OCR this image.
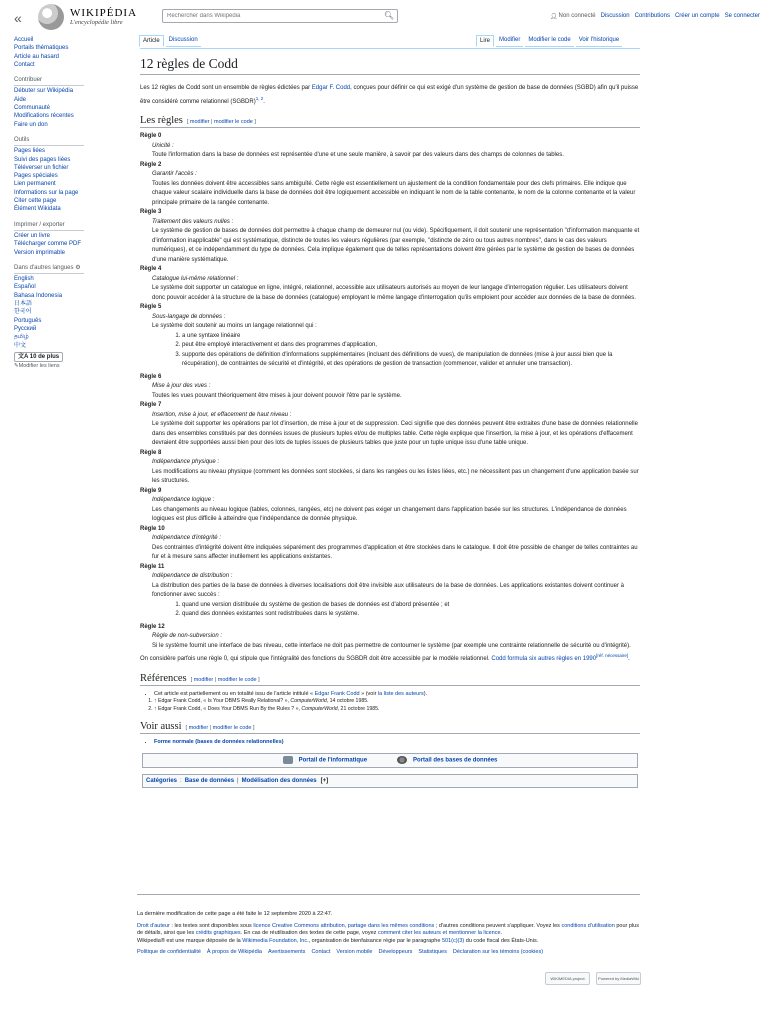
«	WIKIPÉDIA
L'encyclopédie libre
Rechercher dans Wikipédia
🔍︎	👤︎ Non connecté Discussion Contributions Créer un compte Se connecter
Accueil
Portails thématiques
Article au hasard
Contact
Contribuer
Débuter sur Wikipédia
Aide
Communauté
Modifications récentes
Faire un don
Outils
Pages liées
Suivi des pages liées
Téléverser un fichier
Pages spéciales
Lien permanent
Informations sur la page
Citer cette page
Élément Wikidata
Imprimer / exporter
Créer un livre
Télécharger comme PDF
Version imprimable
Dans d'autres langues ⚙
English
Español
Bahasa Indonesia
日本語
한국어
Português
Русский
தமிழ்
中文
文A 10 de plus
✎Modifier les liens
Article	Discussion	Lire	Modifier	Modifier le code	Voir l'historique
12 règles de Codd

Les 12 règles de Codd sont un ensemble de règles édictées par Edgar F. Codd, conçues pour définir ce qui est exigé d'un système de gestion de base de données (SGBD) afin qu'il puisse être considéré comme relationnel (SGBDR)$^{1, 2}$.

Les règles [ modifier | modifier le code ]
Règle 0
Unicité :
Toute l'information dans la base de données est représentée d'une et une seule manière, à savoir par des valeurs dans des champs de colonnes de tables.
Règle 2
Garantir l'accès :
Toutes les données doivent être accessibles sans ambiguïté. Cette règle est essentiellement un ajustement de la condition fondamentale pour des clefs primaires. Elle indique que chaque valeur scalaire individuelle dans la base de données doit être logiquement accessible en indiquant le nom de la table contenante, le nom de la colonne contenante et la valeur principale primaire de la rangée contenante.
Règle 3
Traitement des valeurs nulles :
Le système de gestion de bases de données doit permettre à chaque champ de demeurer nul (ou vide). Spécifiquement, il doit soutenir une représentation "d'information manquante et d'information inapplicable" qui est systématique, distincte de toutes les valeurs régulières (par exemple, "distincte de zéro ou tous autres nombres", dans le cas des valeurs numériques), et ce indépendamment du type de données. Cela implique également que de telles représentations doivent être gérées par le système de gestion de bases de données d'une manière systématique.
Règle 4
Catalogue lui-même relationnel :
Le système doit supporter un catalogue en ligne, intégré, relationnel, accessible aux utilisateurs autorisés au moyen de leur langage d'interrogation régulier. Les utilisateurs doivent donc pouvoir accéder à la structure de la base de données (catalogue) employant le même langage d'interrogation qu'ils emploient pour accéder aux données de la base de données.
Règle 5
Sous-langage de données :
Le système doit soutenir au moins un langage relationnel qui :
1. a une syntaxe linéaire
2. peut être employé interactivement et dans des programmes d'application,
3. supporte des opérations de définition d'informations supplémentaires (incluant des définitions de vues), de manipulation de données (mise à jour aussi bien que la récupération), de contraintes de sécurité et d'intégrité, et des opérations de gestion de transaction (commencer, valider et annuler une transaction).
Règle 6
Mise à jour des vues :
Toutes les vues pouvant théoriquement être mises à jour doivent pouvoir l'être par le système.
Règle 7
Insertion, mise à jour, et effacement de haut niveau :
Le système doit supporter les opérations par lot d'insertion, de mise à jour et de suppression. Ceci signifie que des données peuvent être extraites d'une base de données relationnelle dans des ensembles constitués par des données issues de plusieurs tuples et/ou de multiples table. Cette règle explique que l'insertion, la mise à jour, et les opérations d'effacement devraient être supportées aussi bien pour des lots de tuples issues de plusieurs tables que juste pour un tuple unique issu d'une table unique.
Règle 8
Indépendance physique :
Les modifications au niveau physique (comment les données sont stockées, si dans les rangées ou les listes liées, etc.) ne nécessitent pas un changement d'une application basée sur les structures.
Règle 9
Indépendance logique :
Les changements au niveau logique (tables, colonnes, rangées, etc) ne doivent pas exiger un changement dans l'application basée sur les structures. L'indépendance de données logiques est plus difficile à atteindre que l'indépendance de donnée physique.
Règle 10
Indépendance d'intégrité :
Des contraintes d'intégrité doivent être indiquées séparément des programmes d'application et être stockées dans le catalogue. Il doit être possible de changer de telles contraintes au fur et à mesure sans affecter inutilement les applications existantes.
Règle 11
Indépendance de distribution :
La distribution des parties de la base de données à diverses localisations doit être invisible aux utilisateurs de la base de données. Les applications existantes doivent continuer à fonctionner avec succès :
1. quand une version distribuée du système de gestion de bases de données est d'abord présentée ; et
2. quand des données existantes sont redistribuées dans le système.
Règle 12
Règle de non-subversion :
Si le système fournit une interface de bas niveau, cette interface ne doit pas permettre de contourner le système (par exemple une contrainte relationnelle de sécurité ou d'intégrité).

On considère parfois une règle 0, qui stipule que l'intégralité des fonctions du SGBDR doit être accessible par le modèle relationnel. Codd formula six autres règles en 1990[réf. nécessaire].

Références [ modifier | modifier le code ]
• Cet article est partiellement ou en totalité issu de l'article intitulé « Edgar Frank Codd » (voir la liste des auteurs).
1. ↑ Edgar Frank Codd, « Is Your DBMS Really Relational? », ComputerWorld, 14 octobre 1985.
2. ↑ Edgar Frank Codd, « Does Your DBMS Run By the Rules ? », ComputerWorld, 21 octobre 1985.
Voir aussi [ modifier | modifier le code ]
• Forme normale (bases de données relationnelles)
Portail de l'informatique	Portail des bases de données
Catégories : Base de données | Modélisation des données [+]

La dernière modification de cette page a été faite le 12 septembre 2020 à 22:47.

Droit d'auteur : les textes sont disponibles sous licence Creative Commons attribution, partage dans les mêmes conditions ; d'autres conditions peuvent s'appliquer. Voyez les conditions d'utilisation pour plus de détails, ainsi que les crédits graphiques. En cas de réutilisation des textes de cette page, voyez comment citer les auteurs et mentionner la licence.
Wikipedia® est une marque déposée de la Wikimedia Foundation, Inc., organisation de bienfaisance régie par le paragraphe 501(c)(3) du code fiscal des États-Unis.

Politique de confidentialité À propos de Wikipédia Avertissements Contact Version mobile Développeurs Statistiques Déclaration sur les témoins (cookies)
WIKIMEDIA project	Powered by MediaWiki
